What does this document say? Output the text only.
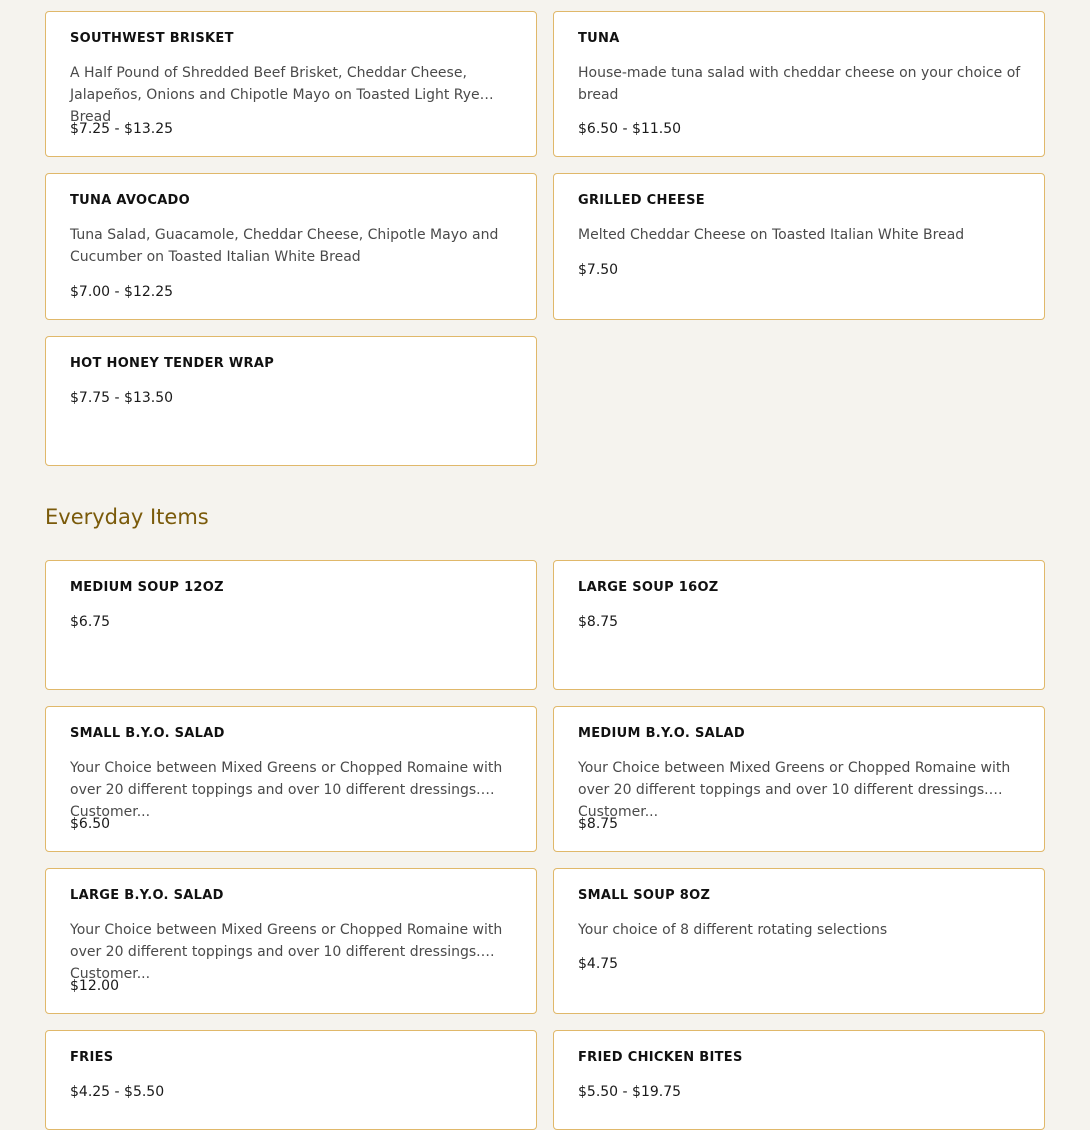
SOUTHWEST BRISKET
A Half Pound of Shredded Beef Brisket, Cheddar Cheese, Jalapeños, Onions and Chipotle Mayo on Toasted Light Rye Bread
$7.25 - $13.25
TUNA
House-made tuna salad with cheddar cheese on your choice of bread
$6.50 - $11.50
TUNA AVOCADO
Tuna Salad, Guacamole, Cheddar Cheese, Chipotle Mayo and Cucumber on Toasted Italian White Bread
$7.00 - $12.25
GRILLED CHEESE
Melted Cheddar Cheese on Toasted Italian White Bread
$7.50
HOT HONEY TENDER WRAP
$7.75 - $13.50
Everyday Items
MEDIUM SOUP 12OZ
$6.75
LARGE SOUP 16OZ
$8.75
SMALL B.Y.O. SALAD
Your Choice between Mixed Greens or Chopped Romaine with over 20 different toppings and over 10 different dressings. Customer...
$6.50
MEDIUM B.Y.O. SALAD
Your Choice between Mixed Greens or Chopped Romaine with over 20 different toppings and over 10 different dressings. Customer...
$8.75
LARGE B.Y.O. SALAD
Your Choice between Mixed Greens or Chopped Romaine with over 20 different toppings and over 10 different dressings. Customer...
$12.00
SMALL SOUP 8OZ
Your choice of 8 different rotating selections
$4.75
FRIES
$4.25 - $5.50
FRIED CHICKEN BITES
$5.50 - $19.75
